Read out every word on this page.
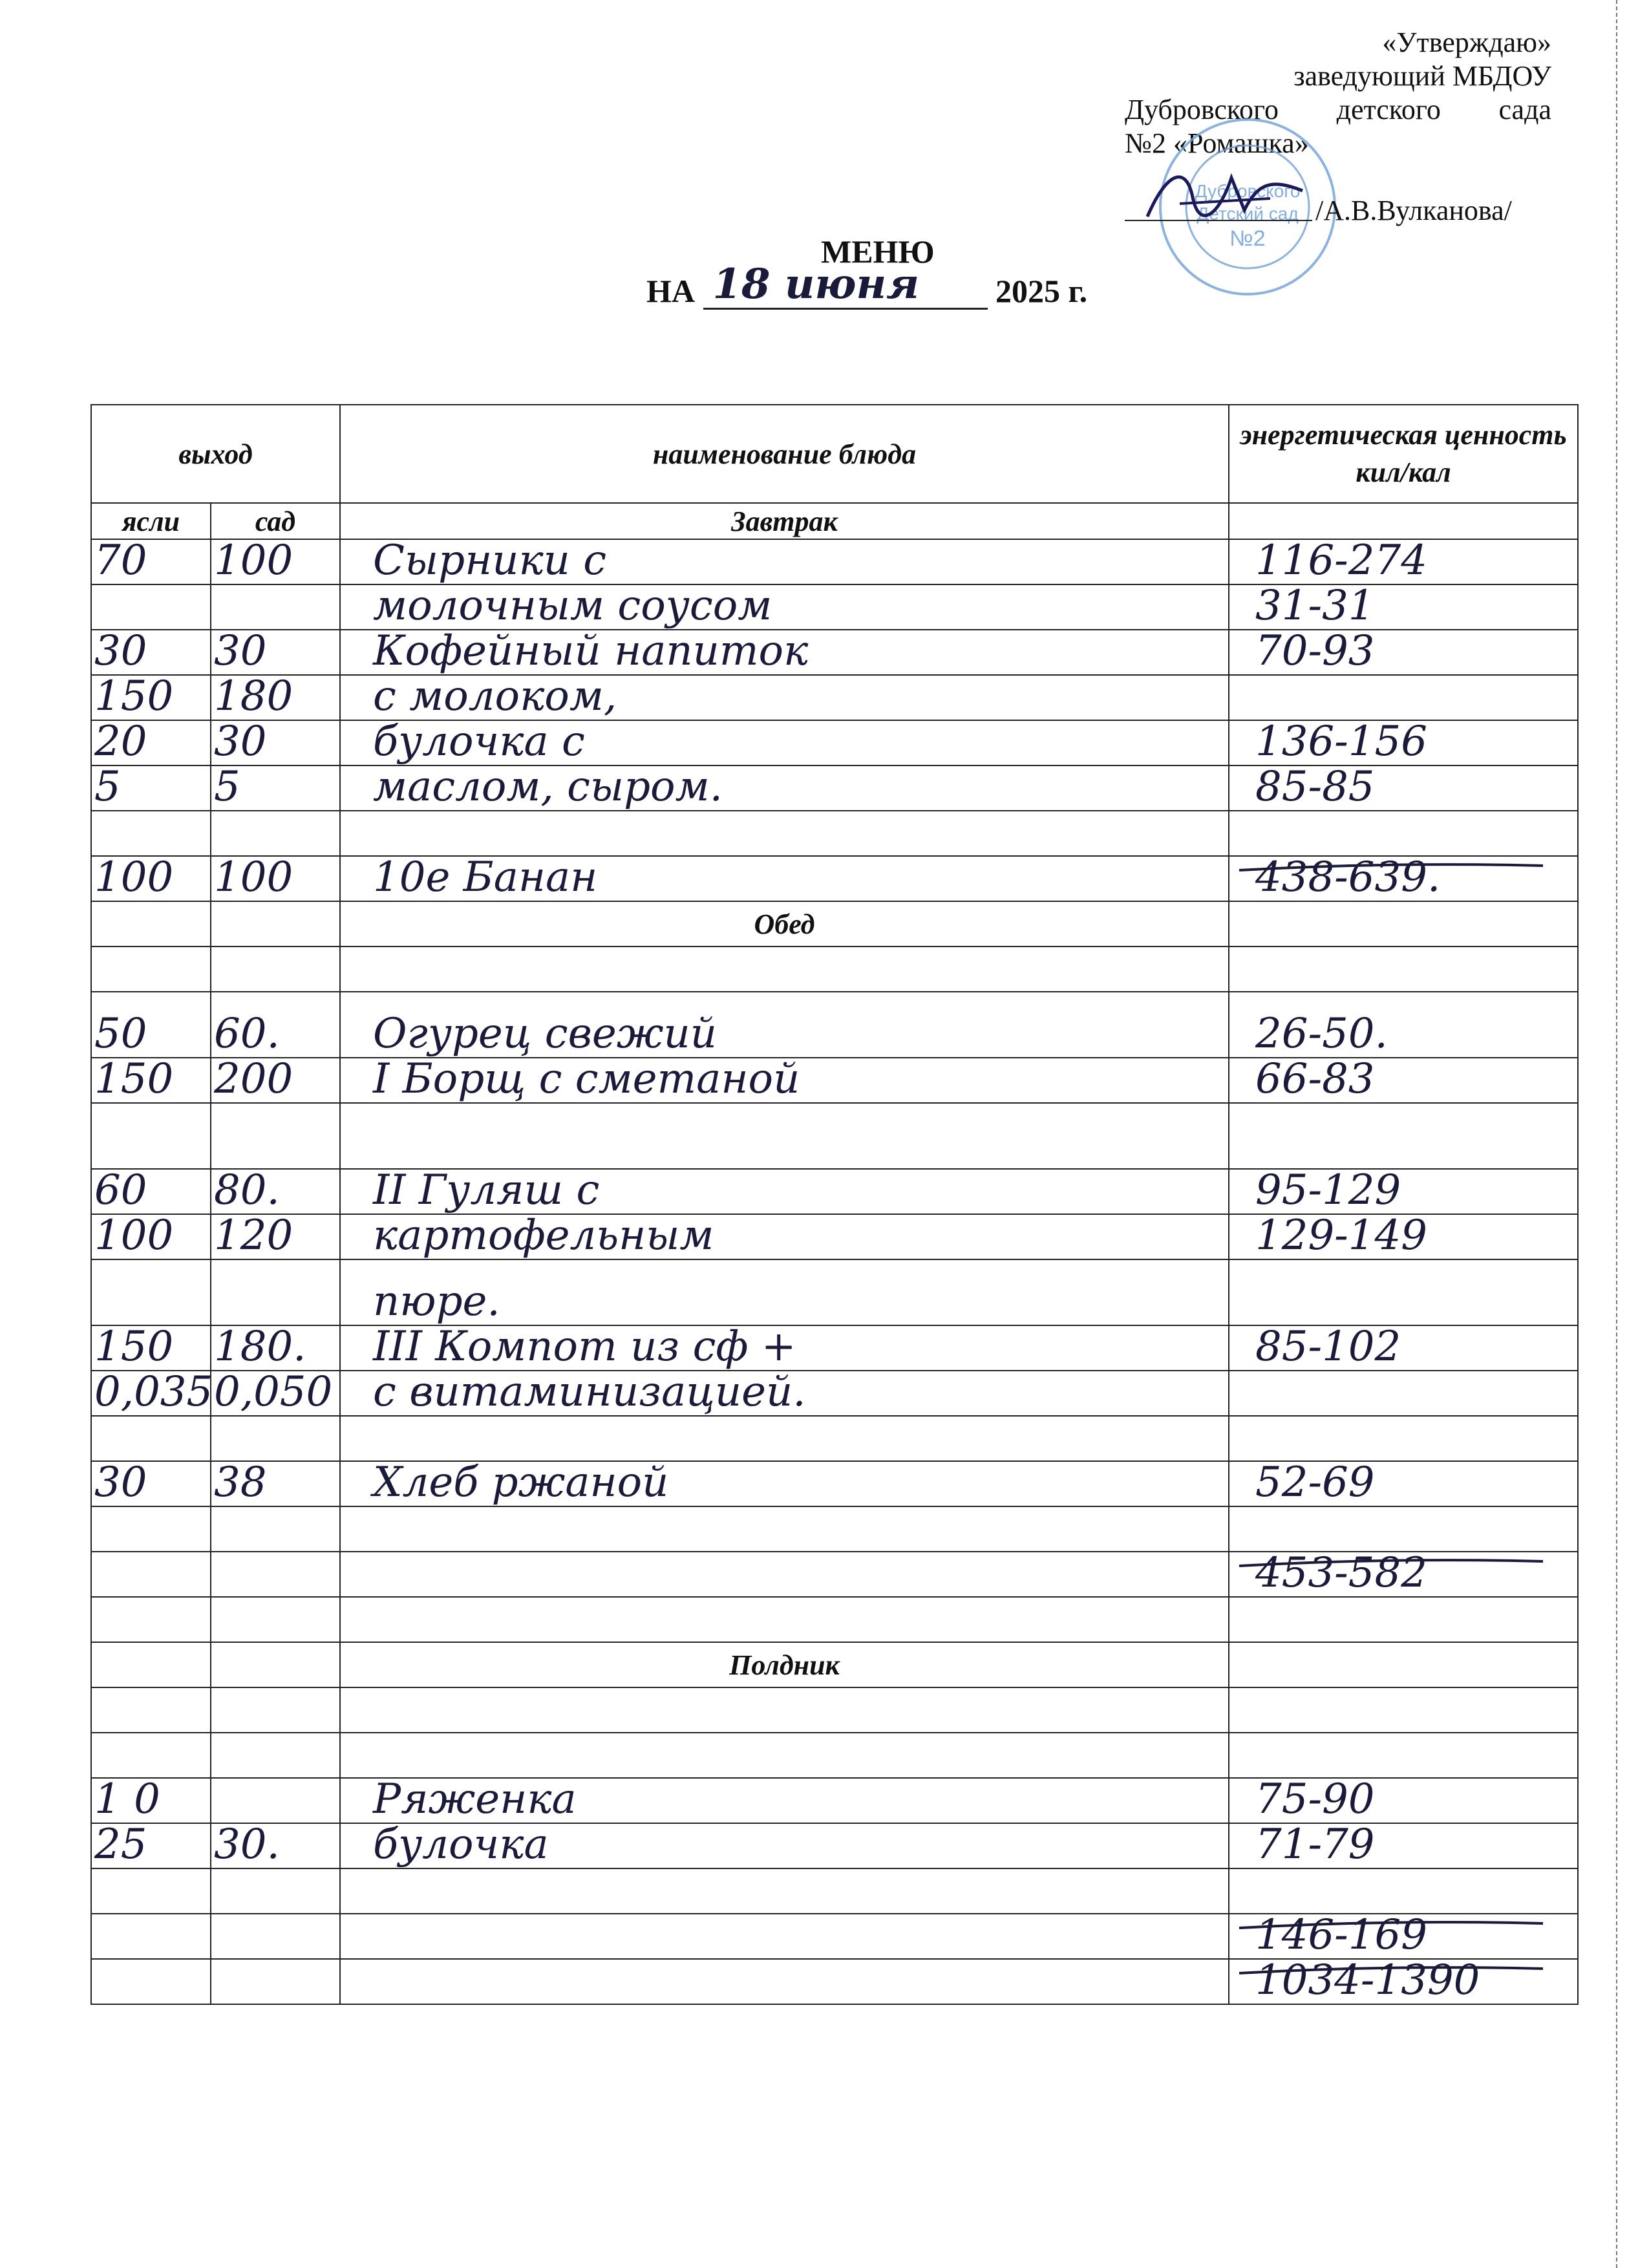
«Утверждаю»
заведующий МБДОУ
Дубровского детского сада
№2 «Ромашка»
Дубровского
Детский сад
№2
/А.В.Вулканова/
МЕНЮ
НА 18 июня 2025 г.
выход		наименование блюда	энергетическая ценность кил/кал
ясли	сад	Завтрак	

70	100	Сырники с	116-274

		молочным соусом	31-31

30	30	Кофейный напиток	70-93

150	180	с молоком,	

20	30	булочка с	136-156

5	5	маслом, сыром.	85-85

100	100	10е Банан	438-639.

		Обед	

50	60.	Огурец свежий	26-50.

150	200	I Борщ с сметаной	66-83

60	80.	II Гуляш с	95-129

100	120	картофельным	129-149

		пюре.	

150	180.	III Компот из сф +	85-102

0,035	0,050	с витаминизацией.	

30	38	Хлеб ржаной	52-69

			453-582

		Полдник	

1 0		Ряженка	75-90

25	30.	булочка	71-79

			146-169

			1034-1390
